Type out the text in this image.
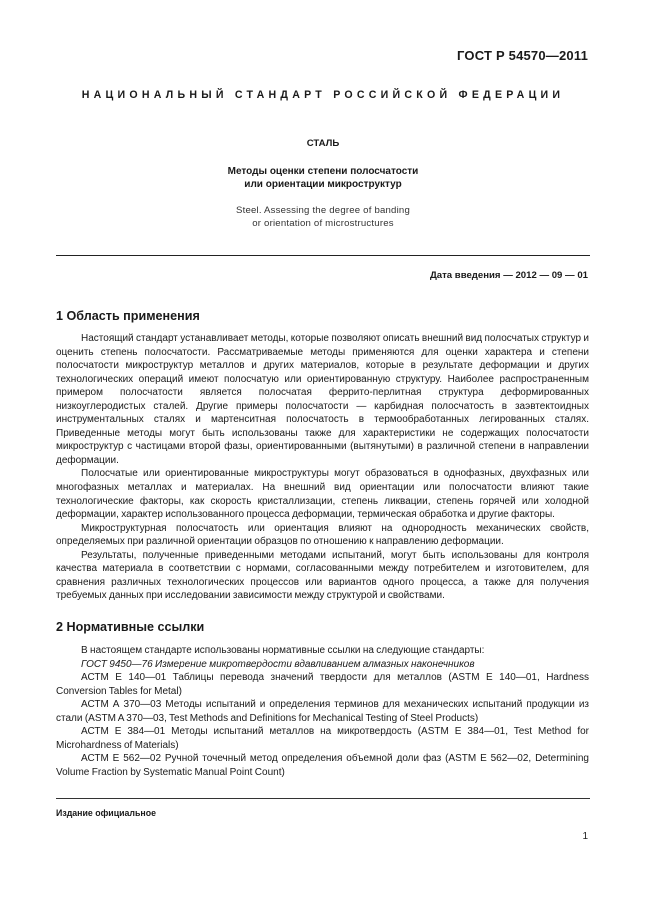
ГОСТ Р 54570—2011
НАЦИОНАЛЬНЫЙ СТАНДАРТ РОССИЙСКОЙ ФЕДЕРАЦИИ
СТАЛЬ
Методы оценки степени полосчатости
или ориентации микроструктур
Steel. Assessing the degree of banding
or orientation of microstructures
Дата введения — 2012 — 09 — 01
1 Область применения

Настоящий стандарт устанавливает методы, которые позволяют описать внешний вид полосчатых структур и оценить степень полосчатости. Рассматриваемые методы применяются для оценки характера и степени полосчатости микроструктур металлов и других материалов, которые в результате деформации и других технологических операций имеют полосчатую или ориентированную структуру. Наиболее распространенным примером полосчатости является полосчатая феррито-перлитная структура деформированных низкоуглеродистых сталей. Другие примеры полосчатости — карбидная полосчатость в заэвтектоидных инструментальных сталях и мартенситная полосчатость в термообработанных легированных сталях. Приведенные методы могут быть использованы также для характеристики не содержащих полосчатости микроструктур с частицами второй фазы, ориентированными (вытянутыми) в различной степени в направлении деформации.

Полосчатые или ориентированные микроструктуры могут образоваться в однофазных, двухфазных или многофазных металлах и материалах. На внешний вид ориентации или полосчатости влияют такие технологические факторы, как скорость кристаллизации, степень ликвации, степень горячей или холодной деформации, характер использованного процесса деформации, термическая обработка и другие факторы.

Микроструктурная полосчатость или ориентация влияют на однородность механических свойств, определяемых при различной ориентации образцов по отношению к направлению деформации.

Результаты, полученные приведенными методами испытаний, могут быть использованы для контроля качества материала в соответствии с нормами, согласованными между потребителем и изготовителем, для сравнения различных технологических процессов или вариантов одного процесса, а также для получения требуемых данных при исследовании зависимости между структурой и свойствами.

2 Нормативные ссылки

В настоящем стандарте использованы нормативные ссылки на следующие стандарты:

ГОСТ 9450—76 Измерение микротвердости вдавливанием алмазных наконечников

АСТМ Е 140—01 Таблицы перевода значений твердости для металлов (ASTM E 140—01, Hardness Conversion Tables for Metal)

АСТМ А 370—03 Методы испытаний и определения терминов для механических испытаний продукции из стали (ASTM A 370—03, Test Methods and Definitions for Mechanical Testing of Steel Products)

АСТМ Е 384—01 Методы испытаний металлов на микротвердость (ASTM E 384—01, Test Method for Microhardness of Materials)

АСТМ Е 562—02 Ручной точечный метод определения объемной доли фаз (ASTM E 562—02, Determining Volume Fraction by Systematic Manual Point Count)

Издание официальное
1
